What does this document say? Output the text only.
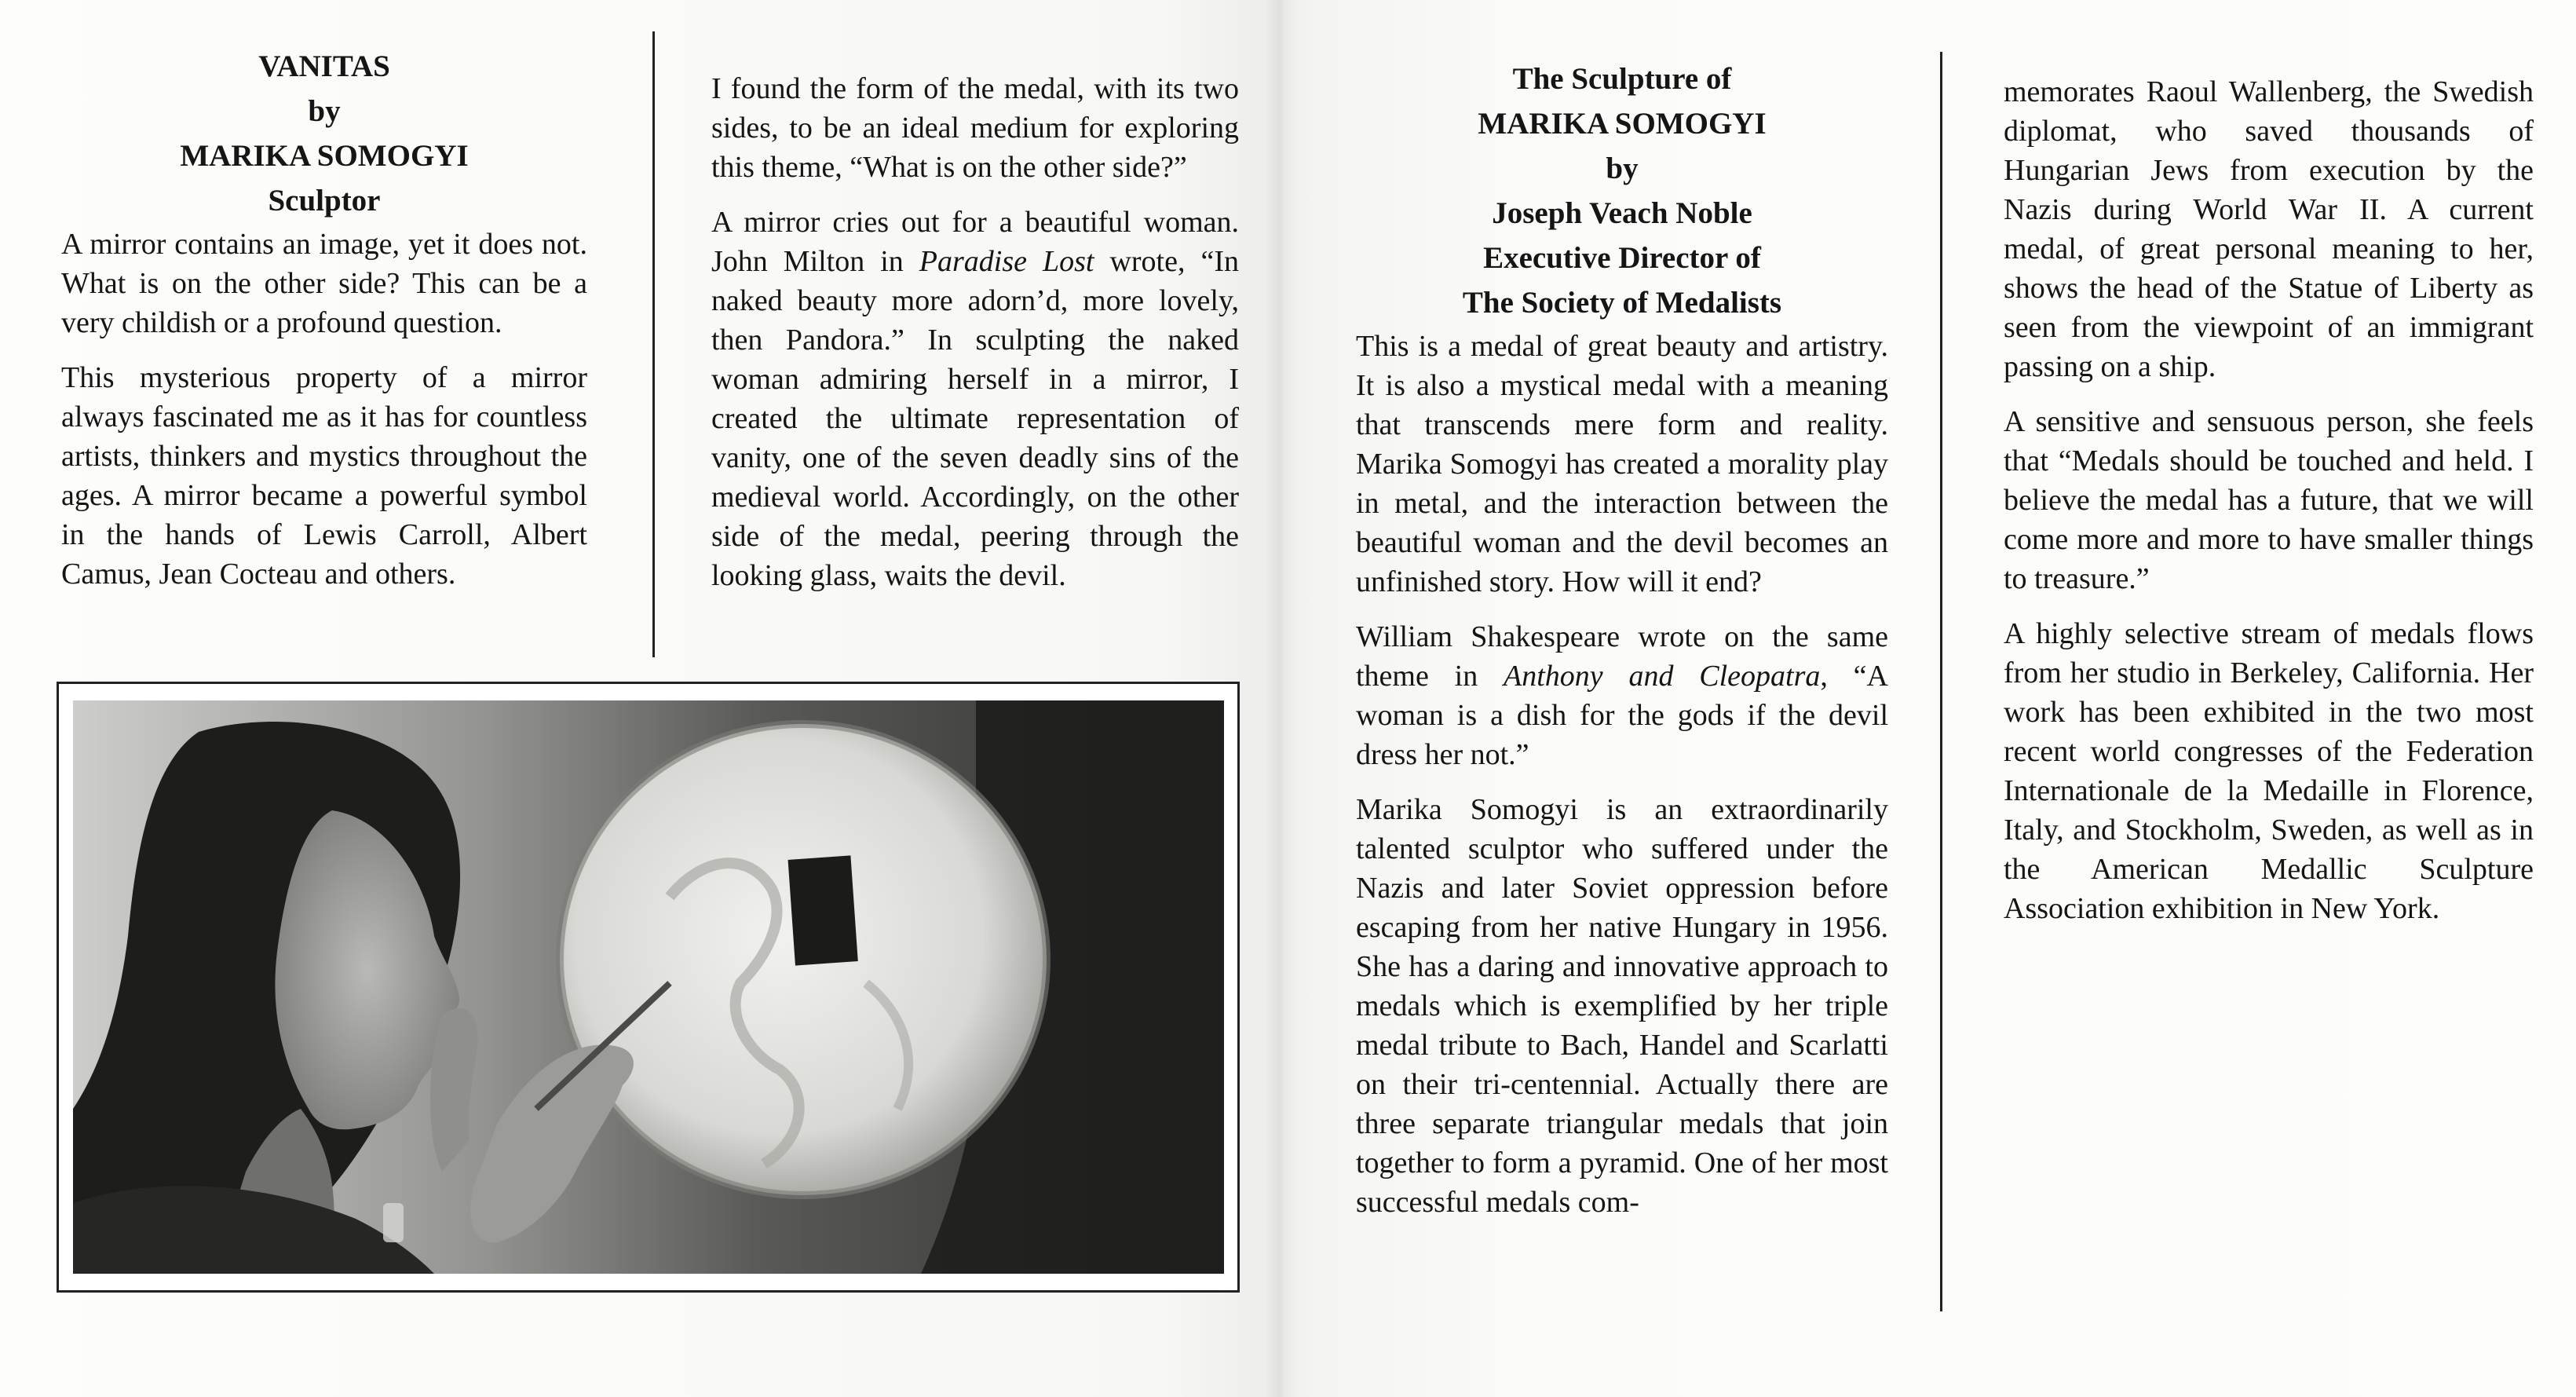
VANITAS
by
MARIKA SOMOGYI
Sculptor

A mirror contains an image, yet it does not. What is on the other side? This can be a very childish or a profound question.

This mysterious property of a mirror always fascinated me as it has for countless artists, thinkers and mystics throughout the ages. A mirror became a powerful symbol in the hands of Lewis Carroll, Albert Camus, Jean Cocteau and others.

I found the form of the medal, with its two sides, to be an ideal medium for exploring this theme, “What is on the other side?”

A mirror cries out for a beautiful woman. John Milton in Paradise Lost wrote, “In naked beauty more adorn’d, more lovely, then Pandora.” In sculpting the naked woman admiring herself in a mirror, I created the ultimate representation of vanity, one of the seven deadly sins of the medieval world. Accordingly, on the other side of the medal, peering through the looking glass, waits the devil.

The Sculpture of
MARIKA SOMOGYI
by
Joseph Veach Noble
Executive Director of
The Society of Medalists

This is a medal of great beauty and artistry. It is also a mystical medal with a meaning that transcends mere form and reality. Marika Somogyi has created a morality play in metal, and the interaction between the beautiful woman and the devil becomes an unfinished story. How will it end?

William Shakespeare wrote on the same theme in Anthony and Cleopatra, “A woman is a dish for the gods if the devil dress her not.”

Marika Somogyi is an extraordinarily talented sculptor who suffered under the Nazis and later Soviet oppression before escaping from her native Hungary in 1956. She has a daring and innovative approach to medals which is exemplified by her triple medal tribute to Bach, Handel and Scarlatti on their tri-centennial. Actually there are three separate triangular medals that join together to form a pyramid. One of her most successful medals com-

memorates Raoul Wallenberg, the Swedish diplomat, who saved thousands of Hungarian Jews from execution by the Nazis during World War II. A current medal, of great personal meaning to her, shows the head of the Statue of Liberty as seen from the viewpoint of an immigrant passing on a ship.

A sensitive and sensuous person, she feels that “Medals should be touched and held. I believe the medal has a future, that we will come more and more to have smaller things to treasure.”

A highly selective stream of medals flows from her studio in Berkeley, California. Her work has been exhibited in the two most recent world congresses of the Federation Internationale de la Medaille in Florence, Italy, and Stockholm, Sweden, as well as in the American Medallic Sculpture Association exhibition in New York.
